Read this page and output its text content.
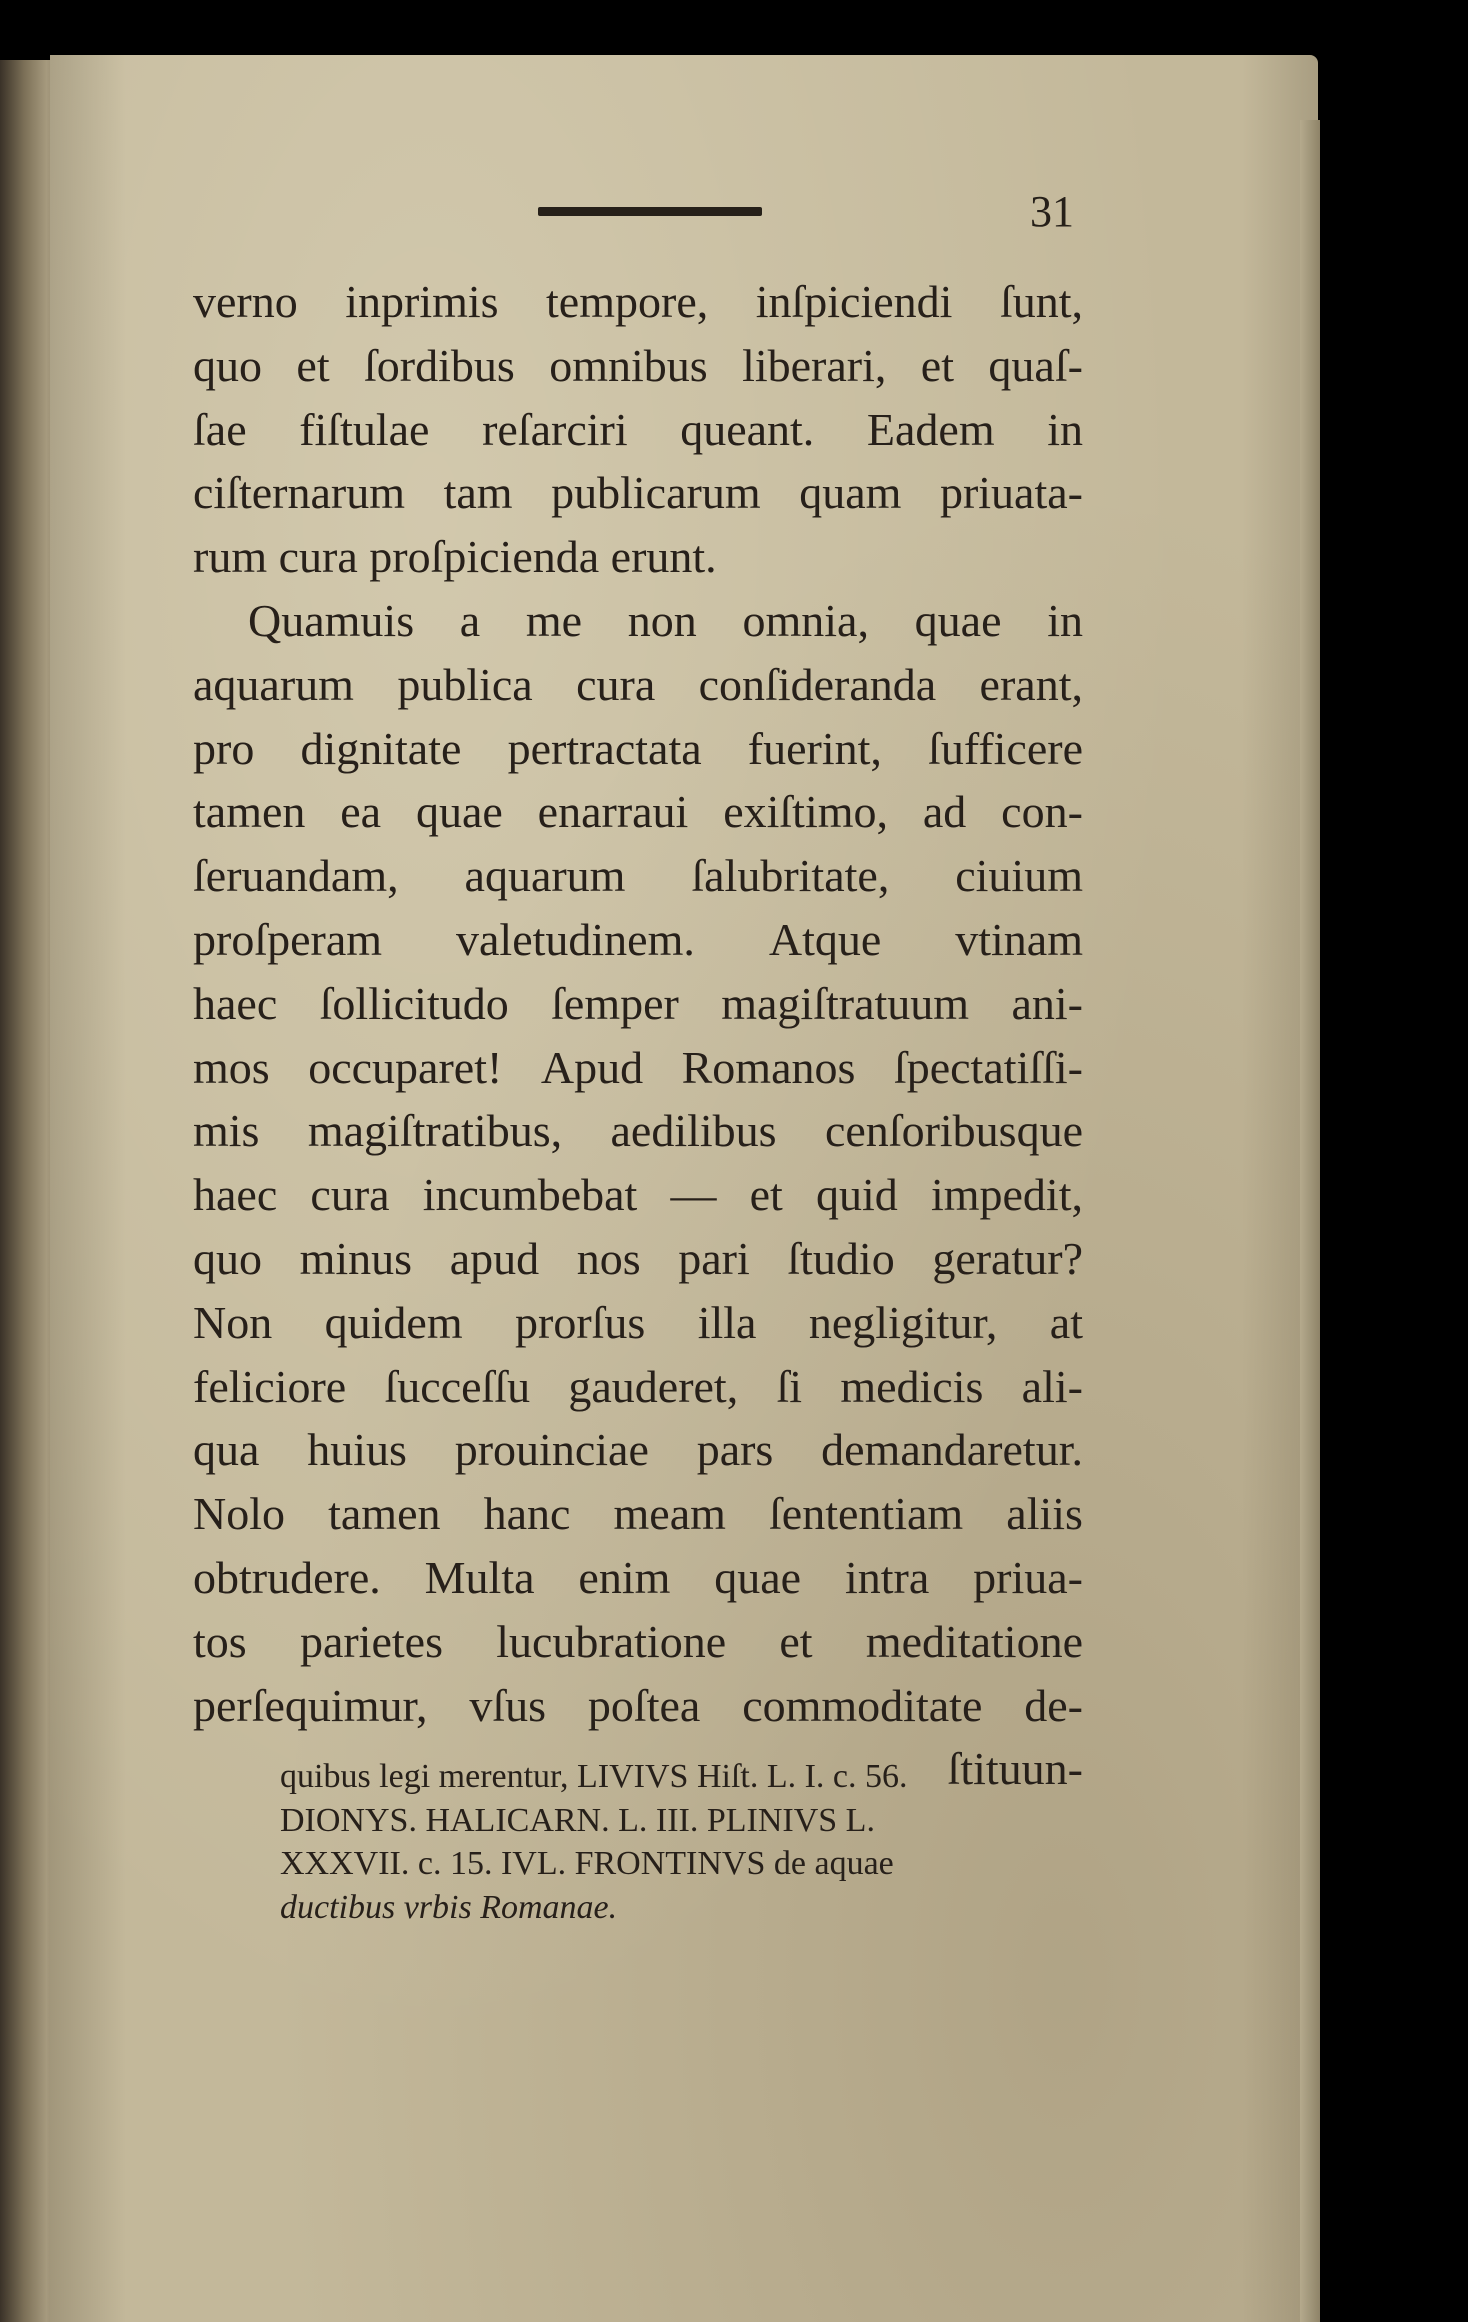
31
verno inprimis tempore, inſpiciendi ſunt,
quo et ſordibus omnibus liberari, et quaſ-
ſae fiſtulae reſarciri queant. Eadem in
ciſternarum tam publicarum quam priuata-
rum cura proſpicienda erunt.
Quamuis a me non omnia, quae in
aquarum publica cura conſideranda erant,
pro dignitate pertractata fuerint, ſufficere
tamen ea quae enarraui exiſtimo, ad con-
ſeruandam, aquarum ſalubritate, ciuium
proſperam valetudinem. Atque vtinam
haec ſollicitudo ſemper magiſtratuum ani-
mos occuparet! Apud Romanos ſpectatiſſi-
mis magiſtratibus, aedilibus cenſoribusque
haec cura incumbebat — et quid impedit,
quo minus apud nos pari ſtudio geratur?
Non quidem prorſus illa negligitur, at
feliciore ſucceſſu gauderet, ſi medicis ali-
qua huius prouinciae pars demandaretur.
Nolo tamen hanc meam ſententiam aliis
obtrudere. Multa enim quae intra priua-
tos parietes lucubratione et meditatione
perſequimur, vſus poſtea commoditate de-
ſtituun-
quibus legi merentur, LIVIVS Hiſt. L. I. c. 56.
DIONYS. HALICARN. L. III. PLINIVS L.
XXXVII. c. 15. IVL. FRONTINVS de aquae
ductibus vrbis Romanae.
